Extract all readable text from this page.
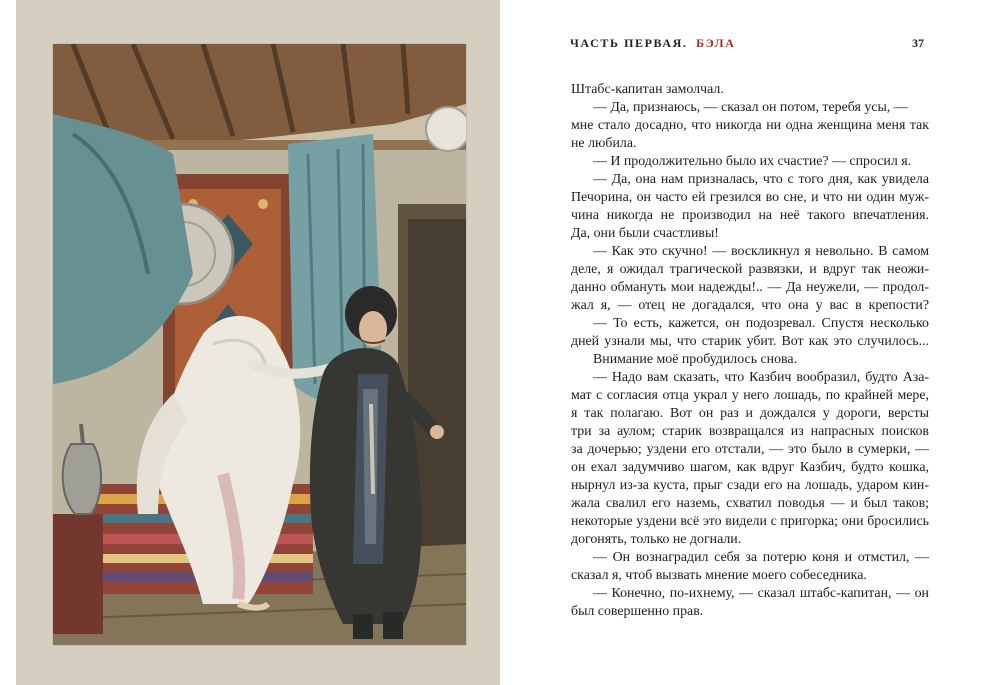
ЧАСТЬ ПЕРВАЯ. БЭЛА	37
Штабс-капитан замолчал.
— Да, признаюсь, — сказал он потом, теребя усы, —
мне стало досадно, что никогда ни одна женщина меня так
не любила.
— И продолжительно было их счастие? — спросил я.
— Да, она нам призналась, что с того дня, как увидела
Печорина, он часто ей грезился во сне, и что ни один муж-
чина никогда не производил на неё такого впечатления.
Да, они были счастливы!
— Как это скучно! — воскликнул я невольно. В самом
деле, я ожидал трагической развязки, и вдруг так неожи-
данно обмануть мои надежды!.. — Да неужели, — продол-
жал я, — отец не догадался, что она у вас в крепости?
— То есть, кажется, он подозревал. Спустя несколько
дней узнали мы, что старик убит. Вот как это случилось...
Внимание моё пробудилось снова.
— Надо вам сказать, что Казбич вообразил, будто Аза-
мат с согласия отца украл у него лошадь, по крайней мере,
я так полагаю. Вот он раз и дождался у дороги, версты
три за аулом; старик возвращался из напрасных поисков
за дочерью; уздени его отстали, — это было в сумерки, —
он ехал задумчиво шагом, как вдруг Казбич, будто кошка,
нырнул из-за куста, прыг сзади его на лошадь, ударом кин-
жала свалил его наземь, схватил поводья — и был таков;
некоторые уздени всё это видели с пригорка; они бросились
догонять, только не догнали.
— Он вознаградил себя за потерю коня и отмстил, —
сказал я, чтоб вызвать мнение моего собеседника.
— Конечно, по-ихнему, — сказал штабс-капитан, — он
был совершенно прав.
